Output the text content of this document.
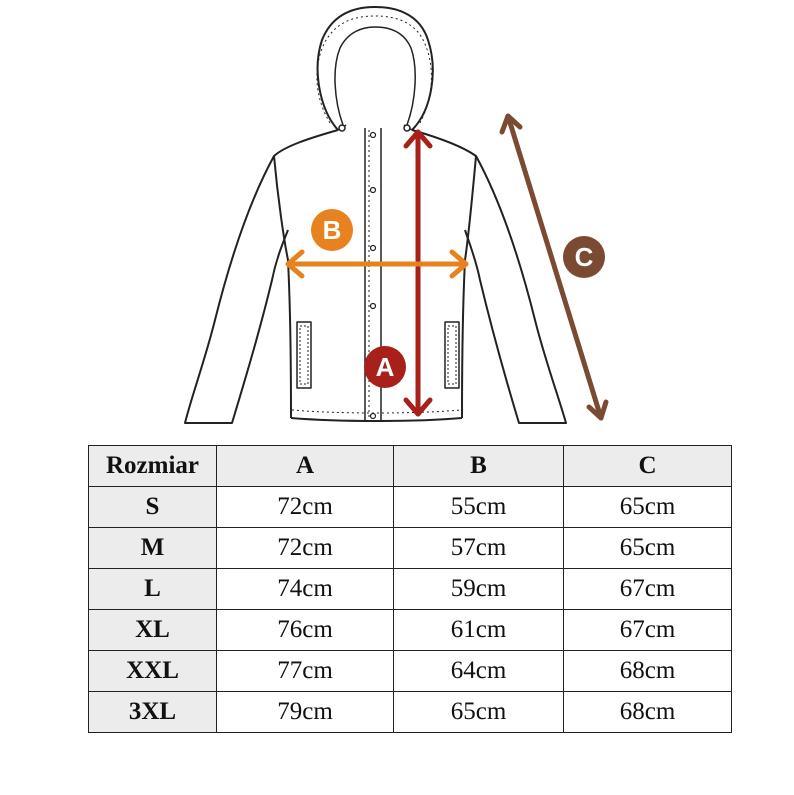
A
B
C
Rozmiar	A	B	C
S	72cm	55cm	65cm
M	72cm	57cm	65cm
L	74cm	59cm	67cm
XL	76cm	61cm	67cm
XXL	77cm	64cm	68cm
3XL	79cm	65cm	68cm
